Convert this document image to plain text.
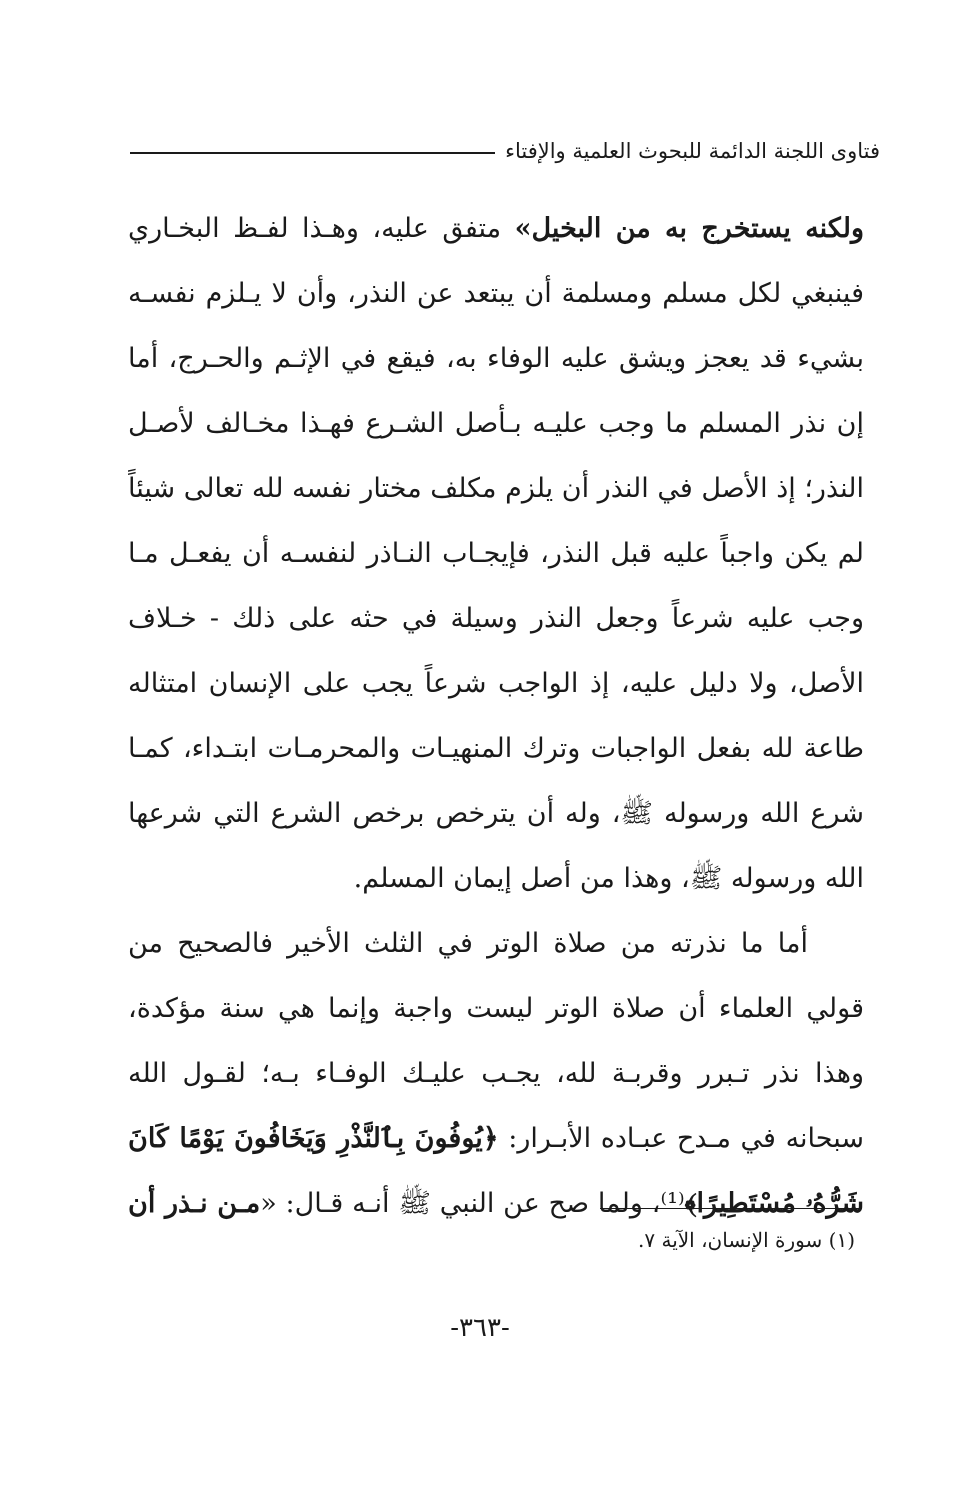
فتاوى اللجنة الدائمة للبحوث العلمية والإفتاء
ولكنه يستخرج به من البخيل» متفق عليه، وهـذا لفـظ البخـاري
فينبغي لكل مسلم ومسلمة أن يبتعد عن النذر، وأن لا يـلزم نفسـه
بشيء قد يعجز ويشق عليه الوفاء به، فيقع في الإثـم والحـرج، أما
إن نذر المسلم ما وجب عليـه بـأصل الشـرع فهـذا مخـالف لأصـل
النذر؛ إذ الأصل في النذر أن يلزم مكلف مختار نفسه لله تعالى شيئاً
لم يكن واجباً عليه قبل النذر، فإيجـاب النـاذر لنفسـه أن يفعـل مـا
وجب عليه شرعاً وجعل النذر وسيلة في حثه على ذلك - خـلاف
الأصل، ولا دليل عليه، إذ الواجب شرعاً يجب على الإنسان امتثاله
طاعة لله بفعل الواجبات وترك المنهيـات والمحرمـات ابتـداء، كمـا
شرع الله ورسوله ﷺ، وله أن يترخص برخص الشرع التي شرعها
الله ورسوله ﷺ، وهذا من أصل إيمان المسلم.
أما ما نذرته من صلاة الوتر في الثلث الأخير فالصحيح من
قولي العلماء أن صلاة الوتر ليست واجبة وإنما هي سنة مؤكدة،
وهذا نذر تـبرر وقربـة لله، يجـب عليـك الوفـاء بـه؛ لقـول الله
سبحانه في مـدح عبـاده الأبـرار: ﴿يُوفُونَ بِٱلنَّذْرِ وَيَخَافُونَ يَوْمًا كَانَ
شَرُّهُۥ مُسْتَطِيرًا﴾⁽¹⁾، ولما صح عن النبي ﷺ أنـه قـال: «مـن نـذر أن
(١) سورة الإنسان، الآية ٧.
-٣٦٣-
